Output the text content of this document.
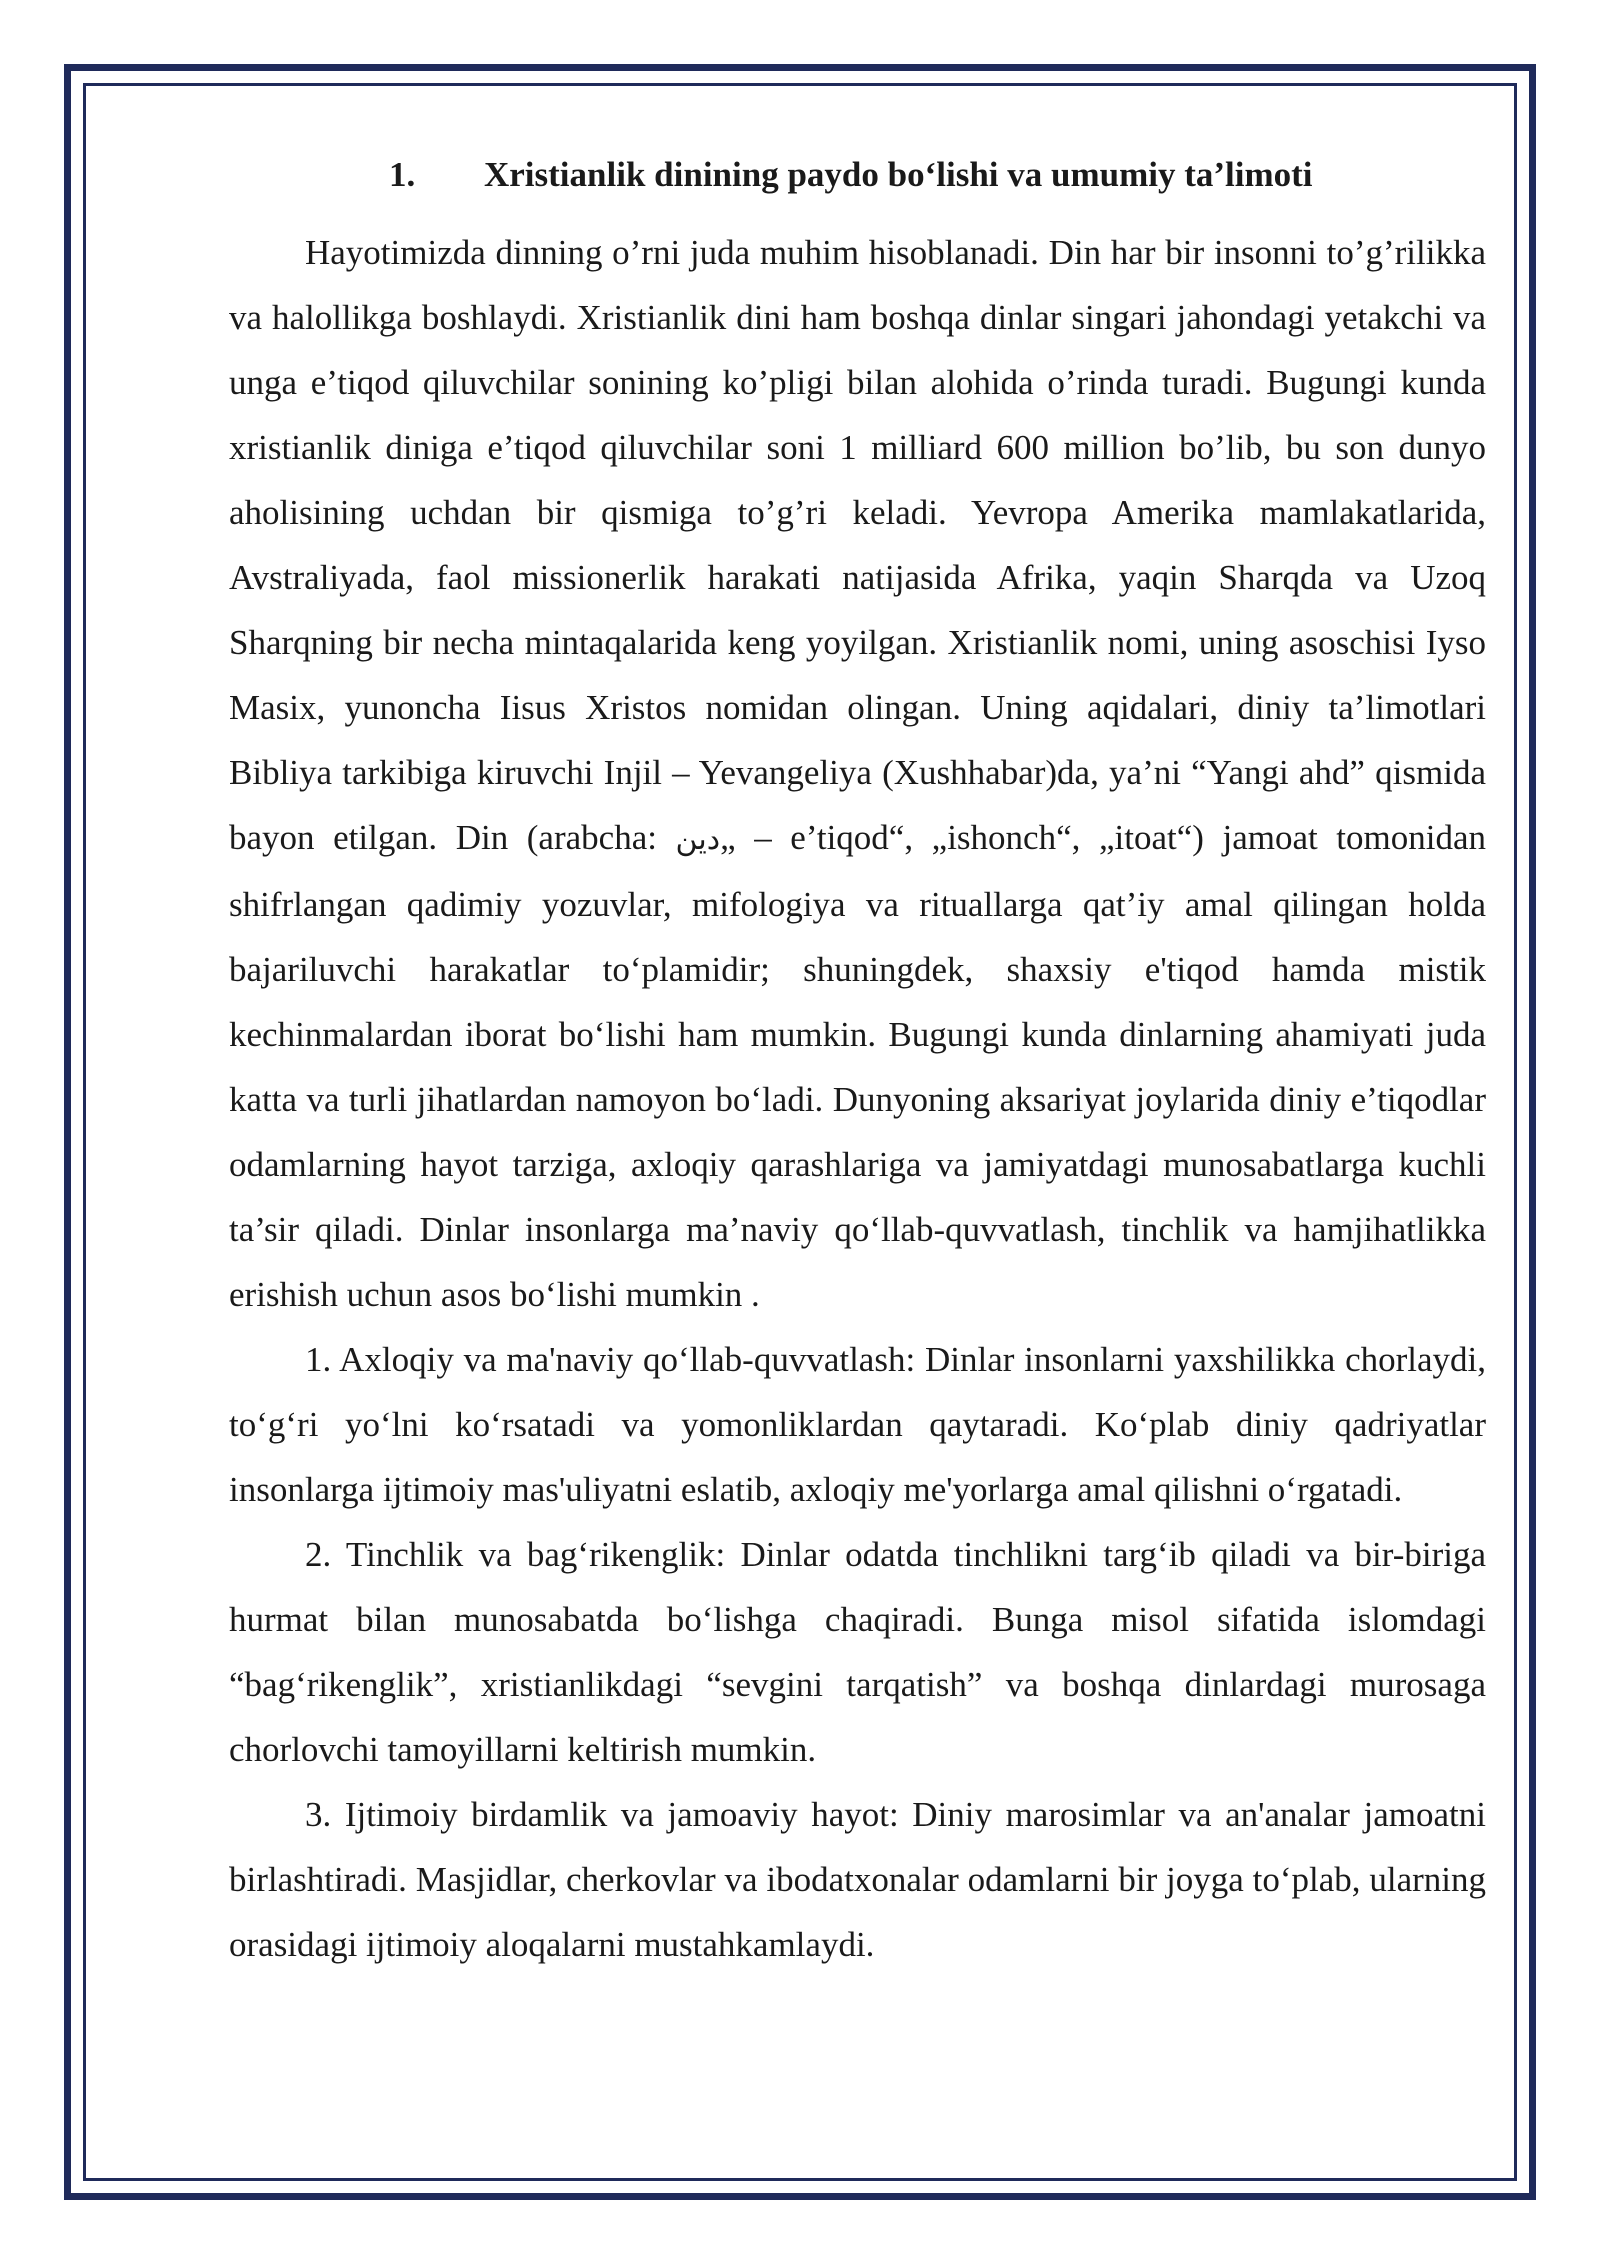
1.	Xristianlik dinining paydo bo‘lishi va umumiy ta’limoti

Hayotimizda dinning o’rni juda muhim hisoblanadi. Din har bir insonni to’g’rilikka va halollikga boshlaydi. Xristianlik dini ham boshqa dinlar singari jahondagi yetakchi va unga e’tiqod qiluvchilar sonining ko’pligi bilan alohida o’rinda turadi. Bugungi kunda xristianlik diniga e’tiqod qiluvchilar soni 1 milliard 600 million bo’lib, bu son dunyo aholisining uchdan bir qismiga to’g’ri keladi. Yevropa Amerika mamlakatlarida, Avstraliyada, faol missionerlik harakati natijasida Afrika, yaqin Sharqda va Uzoq Sharqning bir necha mintaqalarida keng yoyilgan. Xristianlik nomi, uning asoschisi Iyso Masix, yunoncha Iisus Xristos nomidan olingan. Uning aqidalari, diniy ta’limotlari Bibliya tarkibiga kiruvchi Injil – Yevangeliya (Xushhabar)da, ya’ni “Yangi ahd” qismida bayon etilgan. Din (arabcha: دين„ – e’tiqod“, „ishonch“, „itoat“) jamoat tomonidan shifrlangan qadimiy yozuvlar, mifologiya va rituallarga qat’iy amal qilingan holda bajariluvchi harakatlar to‘plamidir; shuningdek, shaxsiy e'tiqod hamda mistik kechinmalardan iborat bo‘lishi ham mumkin. Bugungi kunda dinlarning ahamiyati juda katta va turli jihatlardan namoyon bo‘ladi. Dunyoning aksariyat joylarida diniy e’tiqodlar odamlarning hayot tarziga, axloqiy qarashlariga va jamiyatdagi munosabatlarga kuchli ta’sir qiladi. Dinlar insonlarga ma’naviy qo‘llab-quvvatlash, tinchlik va hamjihatlikka erishish uchun asos bo‘lishi mumkin .

1. Axloqiy va ma'naviy qo‘llab-quvvatlash: Dinlar insonlarni yaxshilikka chorlaydi, to‘g‘ri yo‘lni ko‘rsatadi va yomonliklardan qaytaradi. Ko‘plab diniy qadriyatlar insonlarga ijtimoiy mas'uliyatni eslatib, axloqiy me'yorlarga amal qilishni o‘rgatadi.

2. Tinchlik va bag‘rikenglik: Dinlar odatda tinchlikni targ‘ib qiladi va bir-biriga hurmat bilan munosabatda bo‘lishga chaqiradi. Bunga misol sifatida islomdagi “bag‘rikenglik”, xristianlikdagi “sevgini tarqatish” va boshqa dinlardagi murosaga chorlovchi tamoyillarni keltirish mumkin.

3. Ijtimoiy birdamlik va jamoaviy hayot: Diniy marosimlar va an'analar jamoatni birlashtiradi. Masjidlar, cherkovlar va ibodatxonalar odamlarni bir joyga to‘plab, ularning orasidagi ijtimoiy aloqalarni mustahkamlaydi.
